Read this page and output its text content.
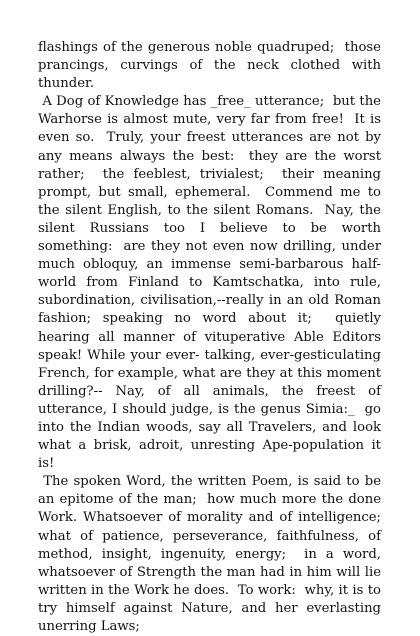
flashings of the generous noble quadruped;  those prancings, curvings of the neck clothed with thunder.

A Dog of Knowledge has _free_ utterance;  but the Warhorse is almost mute, very far from free!  It is even so.  Truly, your freest utterances are not by any means always the best:  they are the worst rather;  the feeblest, trivialest;  their meaning prompt, but small, ephemeral.  Commend me to the silent English, to the silent Romans.  Nay, the silent Russians too I believe to be worth something:  are they not even now drilling, under much obloquy, an immense semi-barbarous half-world from Finland to Kamtschatka, into rule, subordination, civilisation,--really in an old Roman fashion; speaking no word about it;  quietly hearing all manner of vituperative Able Editors speak! While your ever- talking, ever-gesticulating French, for example, what are they at this moment drilling?-- Nay, of all animals, the freest of utterance, I should judge, is the genus Simia:_  go into the Indian woods, say all Travelers, and look what a brisk, adroit, unresting Ape-population it is!

The spoken Word, the written Poem, is said to be an epitome of the man;  how much more the done Work. Whatsoever of morality and of intelligence;  what of patience, perseverance, faithfulness, of method, insight, ingenuity, energy;  in a word, whatsoever of Strength the man had in him will lie written in the Work he does.  To work:  why, it is to try himself against Nature, and her everlasting unerring Laws;
